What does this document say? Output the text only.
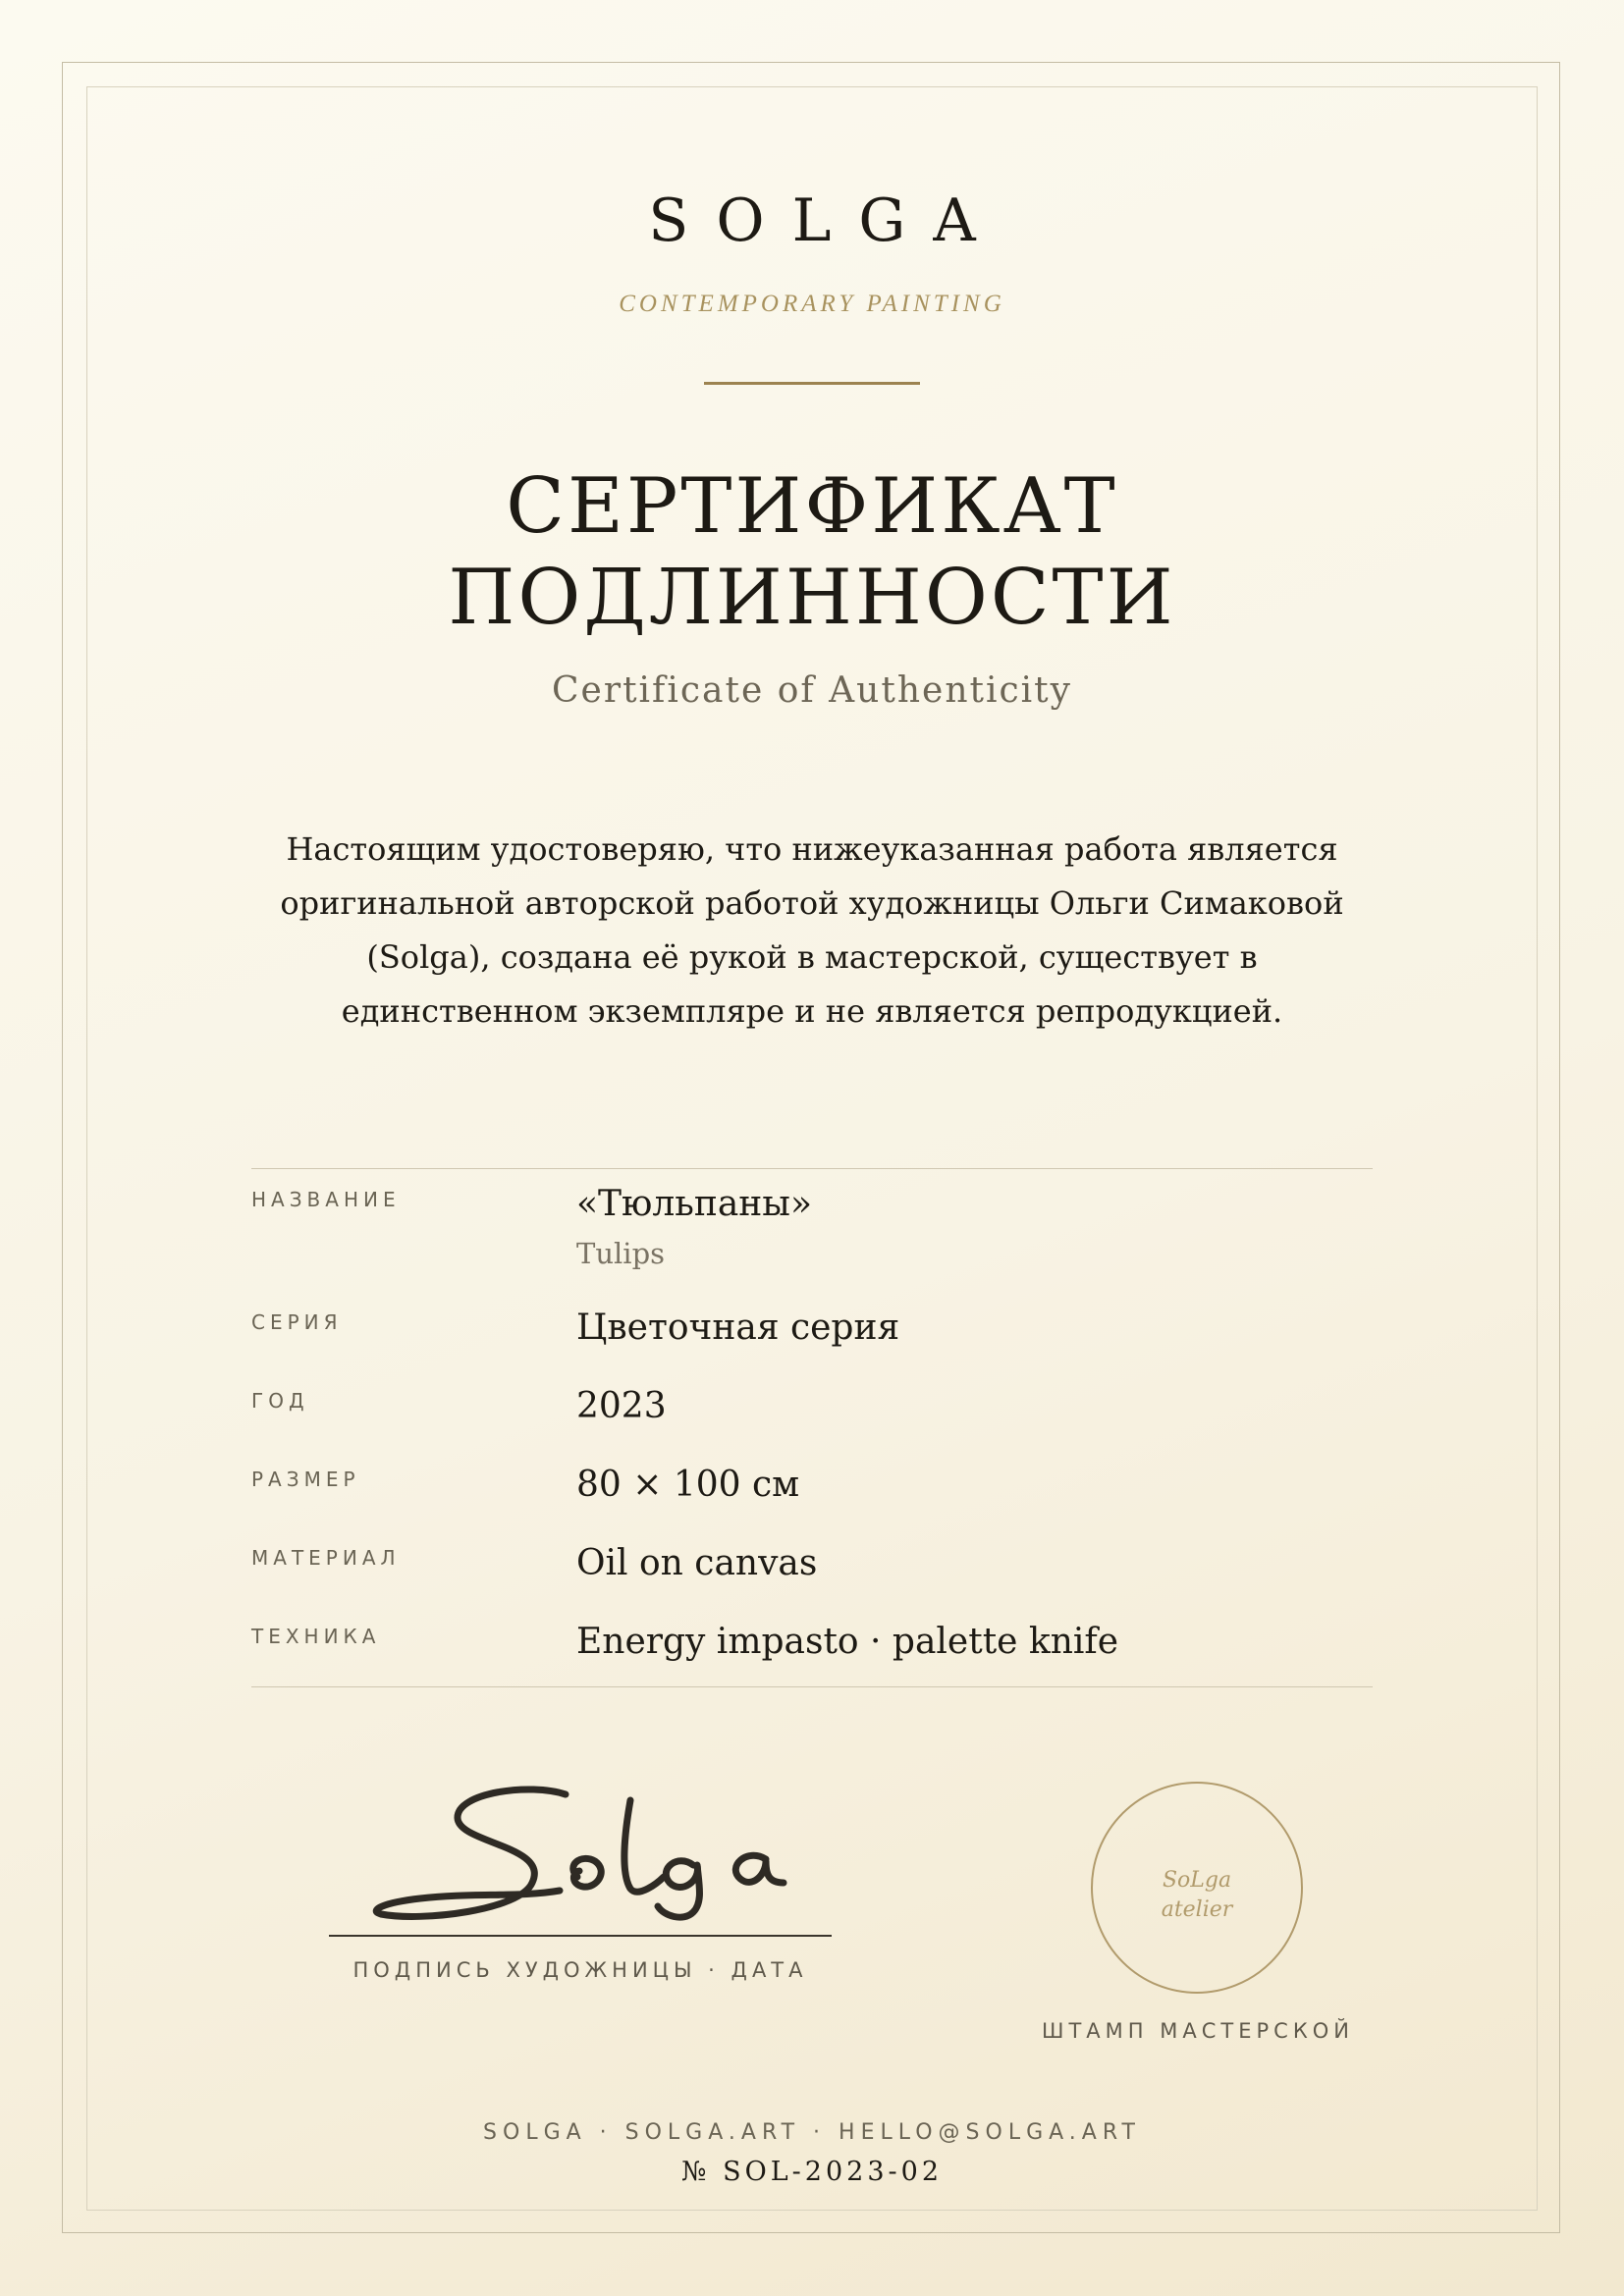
SOLGA
CONTEMPORARY PAINTING
СЕРТИФИКАТ
ПОДЛИННОСТИ
Certificate of Authenticity
Настоящим удостоверяю, что нижеуказанная работа является оригинальной авторской работой художницы Ольги Симаковой (Solga), создана её рукой в мастерской, существует в единственном экземпляре и не является репродукцией.
НАЗВАНИЕ	«Тюльпаны»
Tulips
СЕРИЯ	Цветочная серия
ГОД	2023
РАЗМЕР	80 × 100 см
МАТЕРИАЛ	Oil on canvas
ТЕХНИКА	Energy impasto · palette knife
ПОДПИСЬ ХУДОЖНИЦЫ · ДАТА
SoLga
atelier
ШТАМП МАСТЕРСКОЙ
SOLGA · SOLGA.ART · HELLO@SOLGA.ART
№ SOL-2023-02
